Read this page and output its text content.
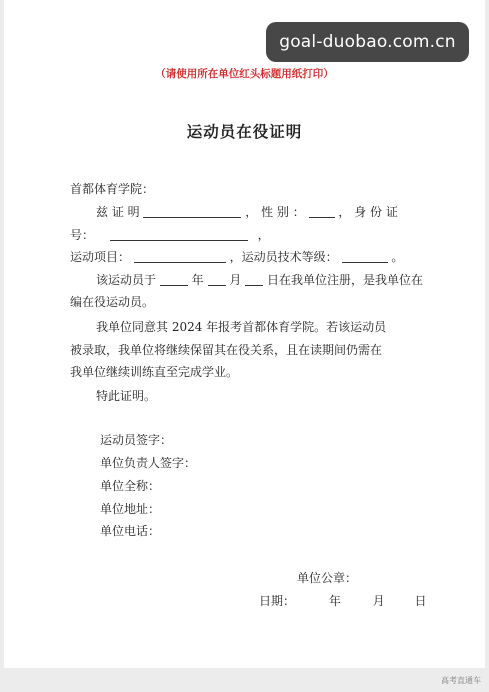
goal-duobao.com.cn
（请使用所在单位红头标题用纸打印）
运动员在役证明
首都体育学院：
兹 证 明	， 性 别 ：	， 身 份 证
号：	，
运动项目：	，运动员技术等级：	。
该运动员于	年 月 日在我单位注册，是我单位在
编在役运动员。
我单位同意其 2024 年报考首都体育学院。若该运动员
被录取，我单位将继续保留其在役关系，且在读期间仍需在
我单位继续训练直至完成学业。
特此证明。
运动员签字：
单位负责人签字：
单位全称：
单位地址：
单位电话：
单位公章：
日期：	年	月 日
高考直通车
